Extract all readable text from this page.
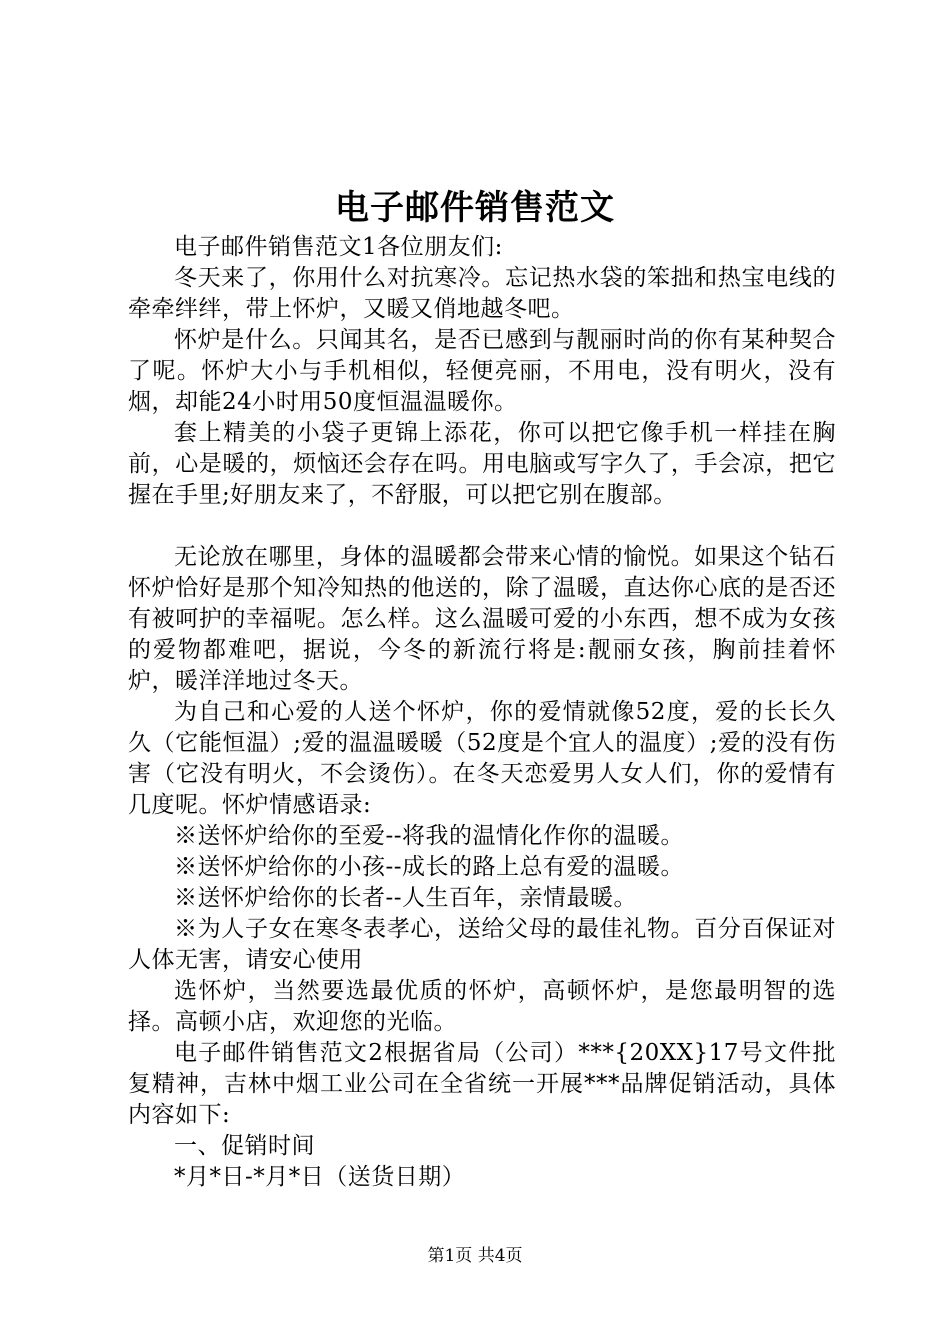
电子邮件销售范文

电子邮件销售范文1各位朋友们:

冬天来了，你用什么对抗寒冷。忘记热水袋的笨拙和热宝电线的牵牵绊绊，带上怀炉，又暖又俏地越冬吧。

怀炉是什么。只闻其名，是否已感到与靓丽时尚的你有某种契合了呢。怀炉大小与手机相似，轻便亮丽，不用电，没有明火，没有烟，却能24小时用50度恒温温暖你。

套上精美的小袋子更锦上添花，你可以把它像手机一样挂在胸前，心是暖的，烦恼还会存在吗。用电脑或写字久了，手会凉，把它握在手里;好朋友来了，不舒服，可以把它别在腹部。

无论放在哪里，身体的温暖都会带来心情的愉悦。如果这个钻石怀炉恰好是那个知冷知热的他送的，除了温暖，直达你心底的是否还有被呵护的幸福呢。怎么样。这么温暖可爱的小东西，想不成为女孩的爱物都难吧，据说，今冬的新流行将是:靓丽女孩，胸前挂着怀炉，暖洋洋地过冬天。

为自己和心爱的人送个怀炉，你的爱情就像52度，爱的长长久久（它能恒温）;爱的温温暖暖（52度是个宜人的温度）;爱的没有伤害（它没有明火，不会烫伤）。在冬天恋爱男人女人们，你的爱情有几度呢。怀炉情感语录:

※送怀炉给你的至爱--将我的温情化作你的温暖。

※送怀炉给你的小孩--成长的路上总有爱的温暖。

※送怀炉给你的长者--人生百年，亲情最暖。

※为人子女在寒冬表孝心，送给父母的最佳礼物。百分百保证对人体无害，请安心使用

选怀炉，当然要选最优质的怀炉，高顿怀炉，是您最明智的选择。高顿小店，欢迎您的光临。

电子邮件销售范文2根据省局（公司）***{20XX}17号文件批复精神，吉林中烟工业公司在全省统一开展***品牌促销活动，具体内容如下:

一、促销时间

*月*日-*月*日（送货日期）

第1页 共4页
